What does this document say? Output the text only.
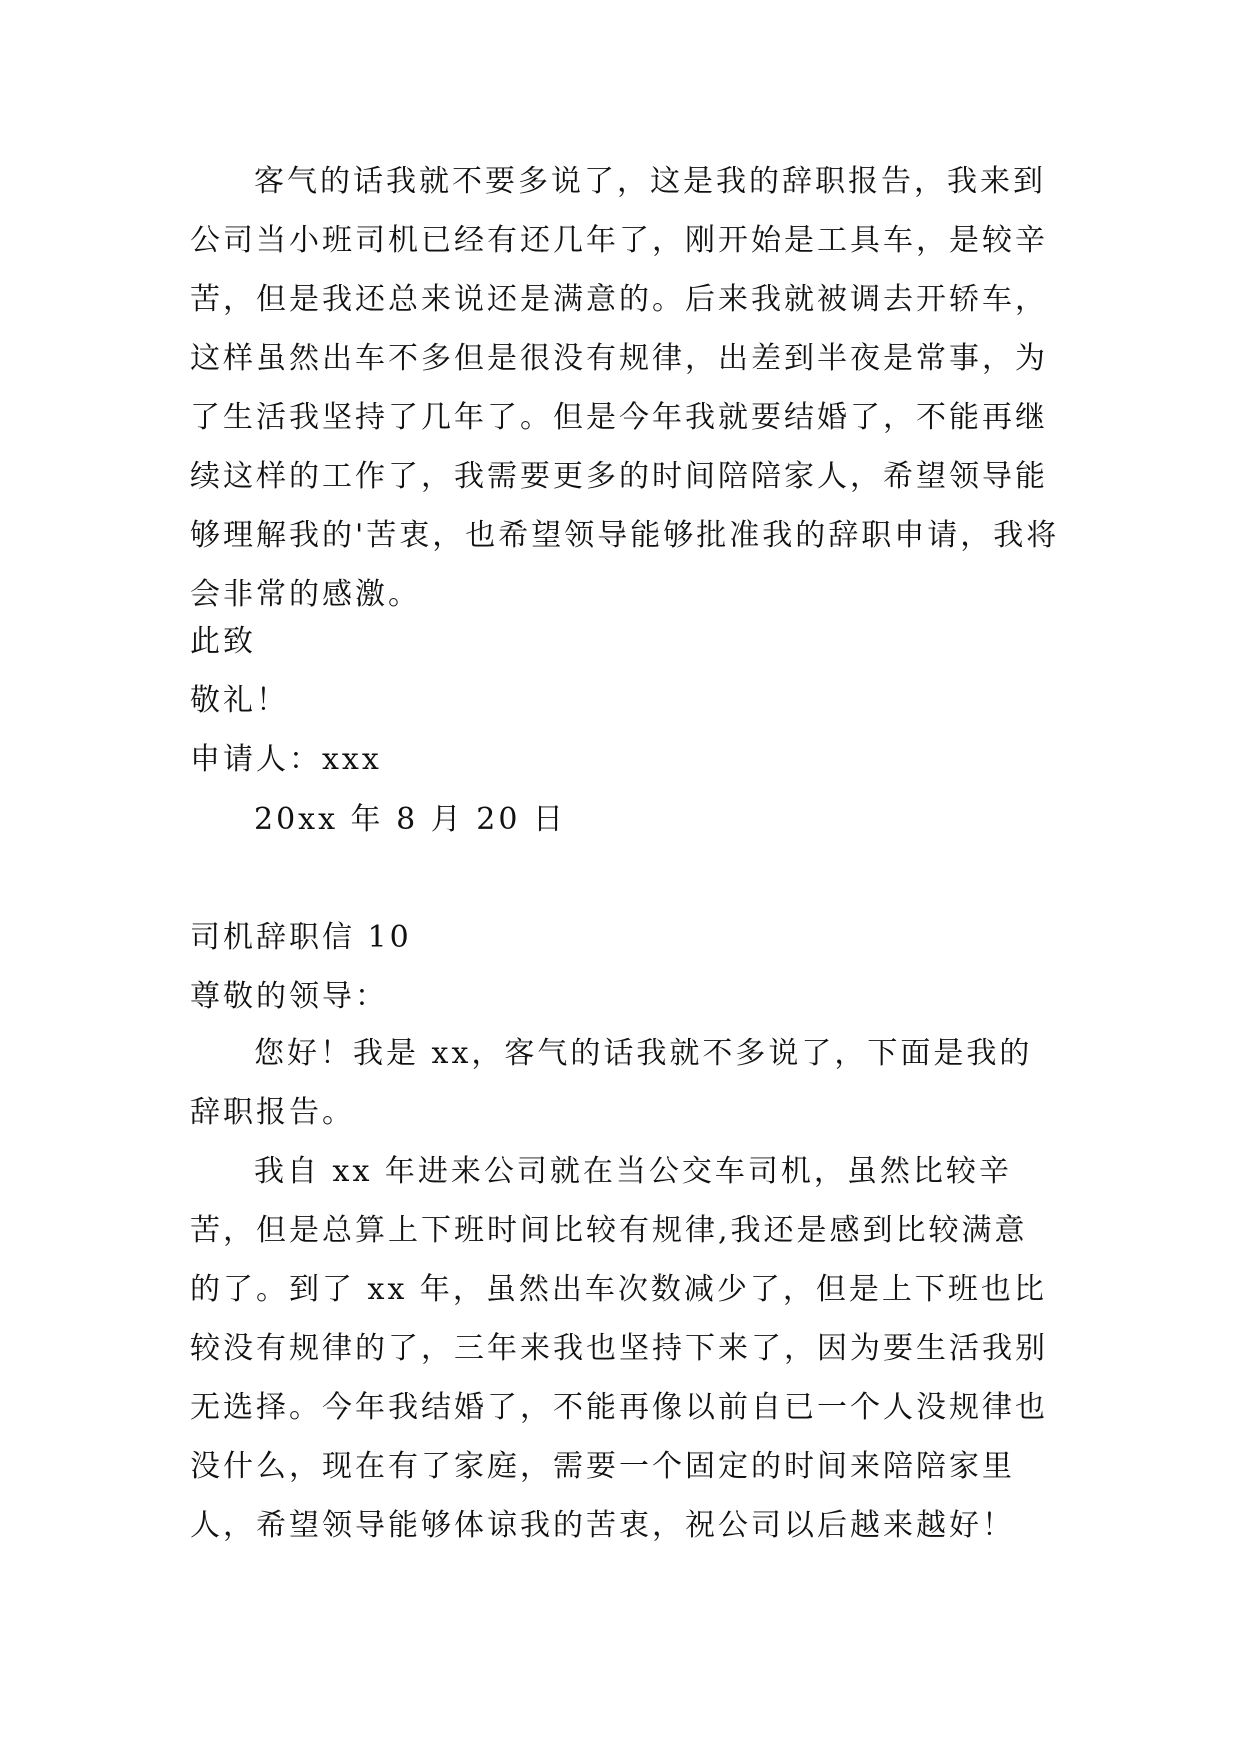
客气的话我就不要多说了，这是我的辞职报告，我来到公司当小班司机已经有还几年了，刚开始是工具车，是较辛苦，但是我还总来说还是满意的。后来我就被调去开轿车，这样虽然出车不多但是很没有规律，出差到半夜是常事，为了生活我坚持了几年了。但是今年我就要结婚了，不能再继续这样的工作了，我需要更多的时间陪陪家人，希望领导能够理解我的'苦衷，也希望领导能够批准我的辞职申请，我将会非常的感激。

此致

敬礼！

申请人：xxx

20xx 年 8 月 20 日

司机辞职信 10

尊敬的领导：

您好！我是 xx，客气的话我就不多说了，下面是我的辞职报告。

我自 xx 年进来公司就在当公交车司机，虽然比较辛苦，但是总算上下班时间比较有规律,我还是感到比较满意的了。到了 xx 年，虽然出车次数减少了，但是上下班也比较没有规律的了，三年来我也坚持下来了，因为要生活我别无选择。今年我结婚了，不能再像以前自已一个人没规律也没什么，现在有了家庭，需要一个固定的时间来陪陪家里人，希望领导能够体谅我的苦衷，祝公司以后越来越好！
